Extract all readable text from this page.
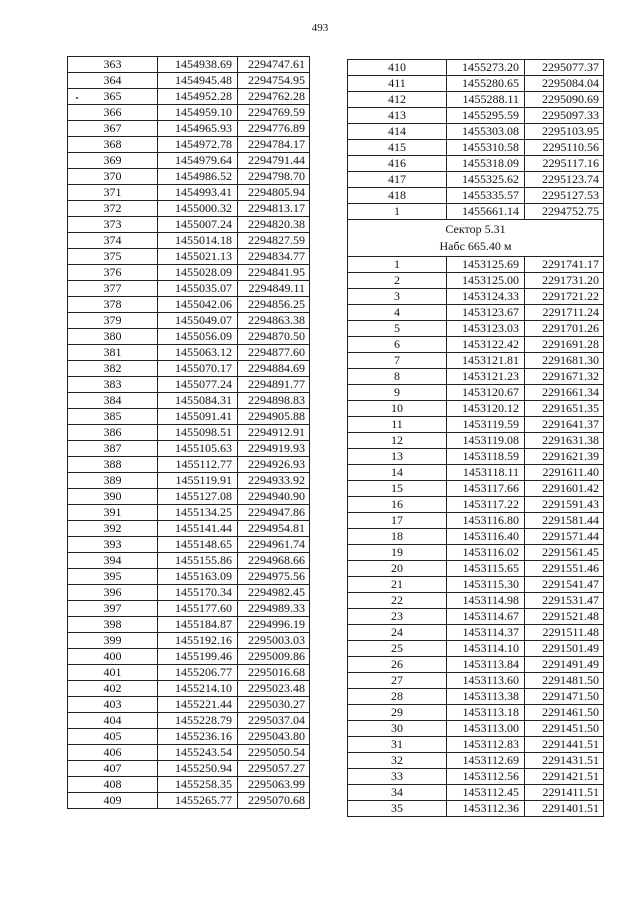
493
363	1454938.69	2294747.61
364	1454945.48	2294754.95
365	1454952.28	2294762.28
366	1454959.10	2294769.59
367	1454965.93	2294776.89
368	1454972.78	2294784.17
369	1454979.64	2294791.44
370	1454986.52	2294798.70
371	1454993.41	2294805.94
372	1455000.32	2294813.17
373	1455007.24	2294820.38
374	1455014.18	2294827.59
375	1455021.13	2294834.77
376	1455028.09	2294841.95
377	1455035.07	2294849.11
378	1455042.06	2294856.25
379	1455049.07	2294863.38
380	1455056.09	2294870.50
381	1455063.12	2294877.60
382	1455070.17	2294884.69
383	1455077.24	2294891.77
384	1455084.31	2294898.83
385	1455091.41	2294905.88
386	1455098.51	2294912.91
387	1455105.63	2294919.93
388	1455112.77	2294926.93
389	1455119.91	2294933.92
390	1455127.08	2294940.90
391	1455134.25	2294947.86
392	1455141.44	2294954.81
393	1455148.65	2294961.74
394	1455155.86	2294968.66
395	1455163.09	2294975.56
396	1455170.34	2294982.45
397	1455177.60	2294989.33
398	1455184.87	2294996.19
399	1455192.16	2295003.03
400	1455199.46	2295009.86
401	1455206.77	2295016.68
402	1455214.10	2295023.48
403	1455221.44	2295030.27
404	1455228.79	2295037.04
405	1455236.16	2295043.80
406	1455243.54	2295050.54
407	1455250.94	2295057.27
408	1455258.35	2295063.99
409	1455265.77	2295070.68
410	1455273.20	2295077.37
411	1455280.65	2295084.04
412	1455288.11	2295090.69
413	1455295.59	2295097.33
414	1455303.08	2295103.95
415	1455310.58	2295110.56
416	1455318.09	2295117.16
417	1455325.62	2295123.74
418	1455335.57	2295127.53
1	1455661.14	2294752.75
Сектор 5.31
Набс 665.40 м		
1	1453125.69	2291741.17
2	1453125.00	2291731.20
3	1453124.33	2291721.22
4	1453123.67	2291711.24
5	1453123.03	2291701.26
6	1453122.42	2291691.28
7	1453121.81	2291681.30
8	1453121.23	2291671.32
9	1453120.67	2291661.34
10	1453120.12	2291651.35
11	1453119.59	2291641.37
12	1453119.08	2291631.38
13	1453118.59	2291621.39
14	1453118.11	2291611.40
15	1453117.66	2291601.42
16	1453117.22	2291591.43
17	1453116.80	2291581.44
18	1453116.40	2291571.44
19	1453116.02	2291561.45
20	1453115.65	2291551.46
21	1453115.30	2291541.47
22	1453114.98	2291531.47
23	1453114.67	2291521.48
24	1453114.37	2291511.48
25	1453114.10	2291501.49
26	1453113.84	2291491.49
27	1453113.60	2291481.50
28	1453113.38	2291471.50
29	1453113.18	2291461.50
30	1453113.00	2291451.50
31	1453112.83	2291441.51
32	1453112.69	2291431.51
33	1453112.56	2291421.51
34	1453112.45	2291411.51
35	1453112.36	2291401.51
